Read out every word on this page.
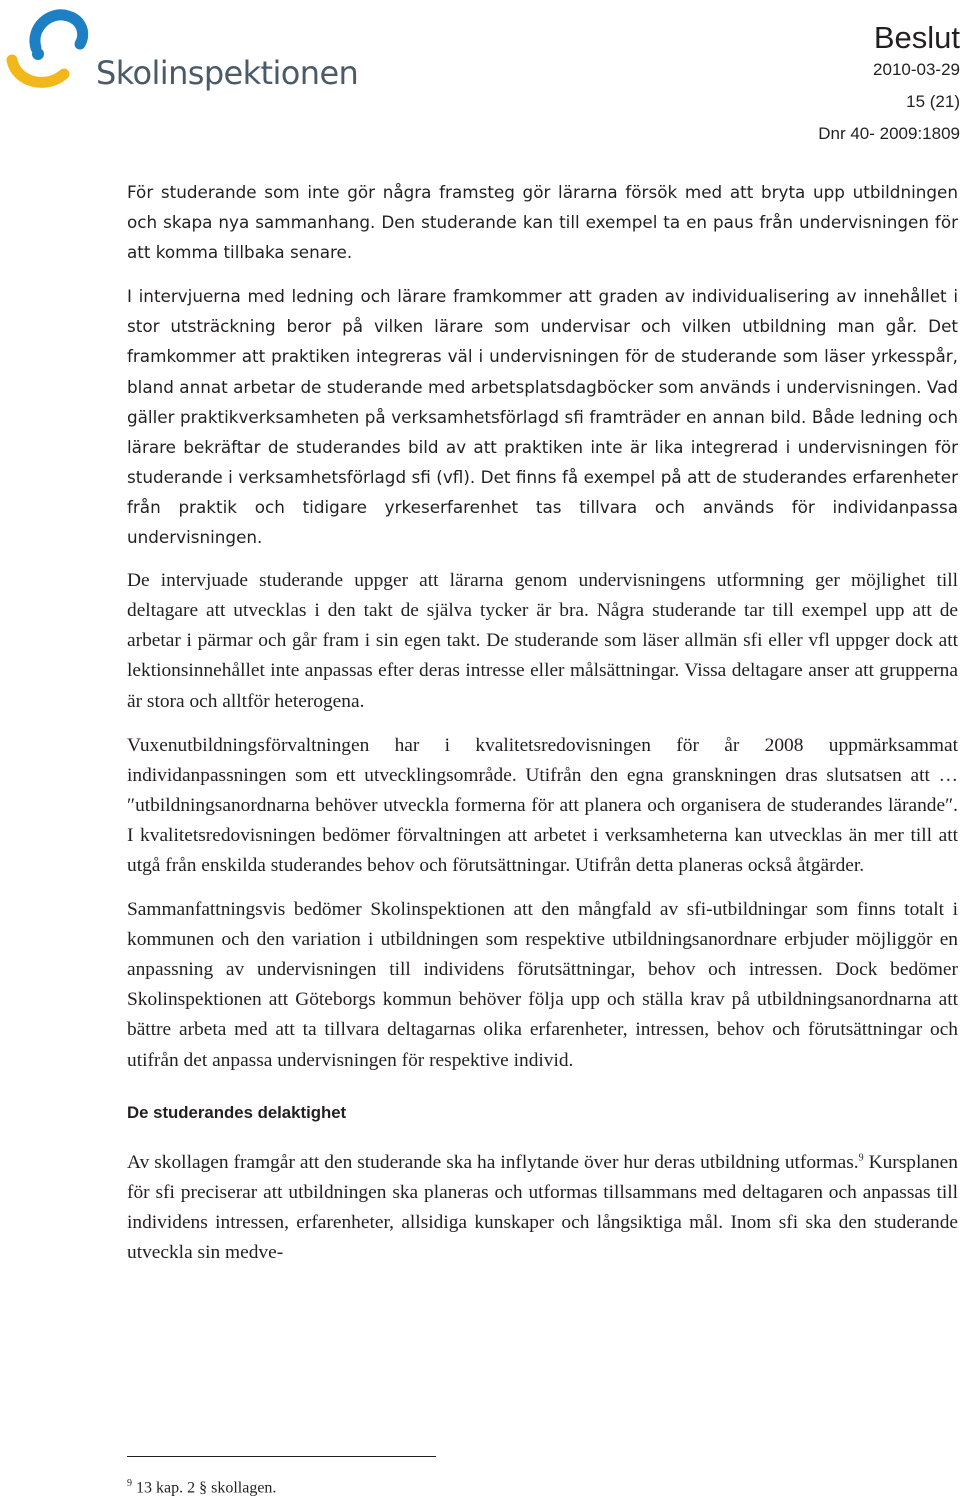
Skolinspektionen
Beslut
2010-03-29
15 (21)
Dnr 40- 2009:1809

För studerande som inte gör några framsteg gör lärarna försök med att bryta upp utbildningen och skapa nya sammanhang. Den studerande kan till exempel ta en paus från undervisningen för att komma tillbaka senare.

I intervjuerna med ledning och lärare framkommer att graden av individualisering av innehållet i stor utsträckning beror på vilken lärare som undervisar och vilken utbildning man går. Det framkommer att praktiken integreras väl i undervisningen för de studerande som läser yrkesspår, bland annat arbetar de studerande med arbetsplatsdagböcker som används i undervisningen. Vad gäller praktikverksamheten på verksamhetsförlagd sfi framträder en annan bild. Både ledning och lärare bekräftar de studerandes bild av att praktiken inte är lika integrerad i undervisningen för studerande i verksamhetsförlagd sfi (vfl). Det finns få exempel på att de studerandes erfarenheter från praktik och tidigare yrkeserfarenhet tas tillvara och används för individanpassa undervisningen.

De intervjuade studerande uppger att lärarna genom undervisningens utformning ger möjlighet till deltagare att utvecklas i den takt de själva tycker är bra. Några studerande tar till exempel upp att de arbetar i pärmar och går fram i sin egen takt. De studerande som läser allmän sfi eller vfl uppger dock att lektionsinnehållet inte anpassas efter deras intresse eller målsättningar. Vissa deltagare anser att grupperna är stora och alltför heterogena.

Vuxenutbildningsförvaltningen har i kvalitetsredovisningen för år 2008 uppmärksammat individanpassningen som ett utvecklingsområde. Utifrån den egna granskningen dras slutsatsen att … ″utbildningsanordnarna behöver utveckla formerna för att planera och organisera de studerandes lärande″. I kvalitetsredovisningen bedömer förvaltningen att arbetet i verksamheterna kan utvecklas än mer till att utgå från enskilda studerandes behov och förutsättningar. Utifrån detta planeras också åtgärder.

Sammanfattningsvis bedömer Skolinspektionen att den mångfald av sfi-utbildningar som finns totalt i kommunen och den variation i utbildningen som respektive utbildningsanordnare erbjuder möjliggör en anpassning av undervisningen till individens förutsättningar, behov och intressen. Dock bedömer Skolinspektionen att Göteborgs kommun behöver följa upp och ställa krav på utbildningsanordnarna att bättre arbeta med att ta tillvara deltagarnas olika erfarenheter, intressen, behov och förutsättningar och utifrån det anpassa undervisningen för respektive individ.

De studerandes delaktighet

Av skollagen framgår att den studerande ska ha inflytande över hur deras utbildning utformas.$^9$ Kursplanen för sfi preciserar att utbildningen ska planeras och utformas tillsammans med deltagaren och anpassas till individens intressen, erfarenheter, allsidiga kunskaper och långsiktiga mål. Inom sfi ska den studerande utveckla sin medve-

$^9$ 13 kap. 2 § skollagen.
